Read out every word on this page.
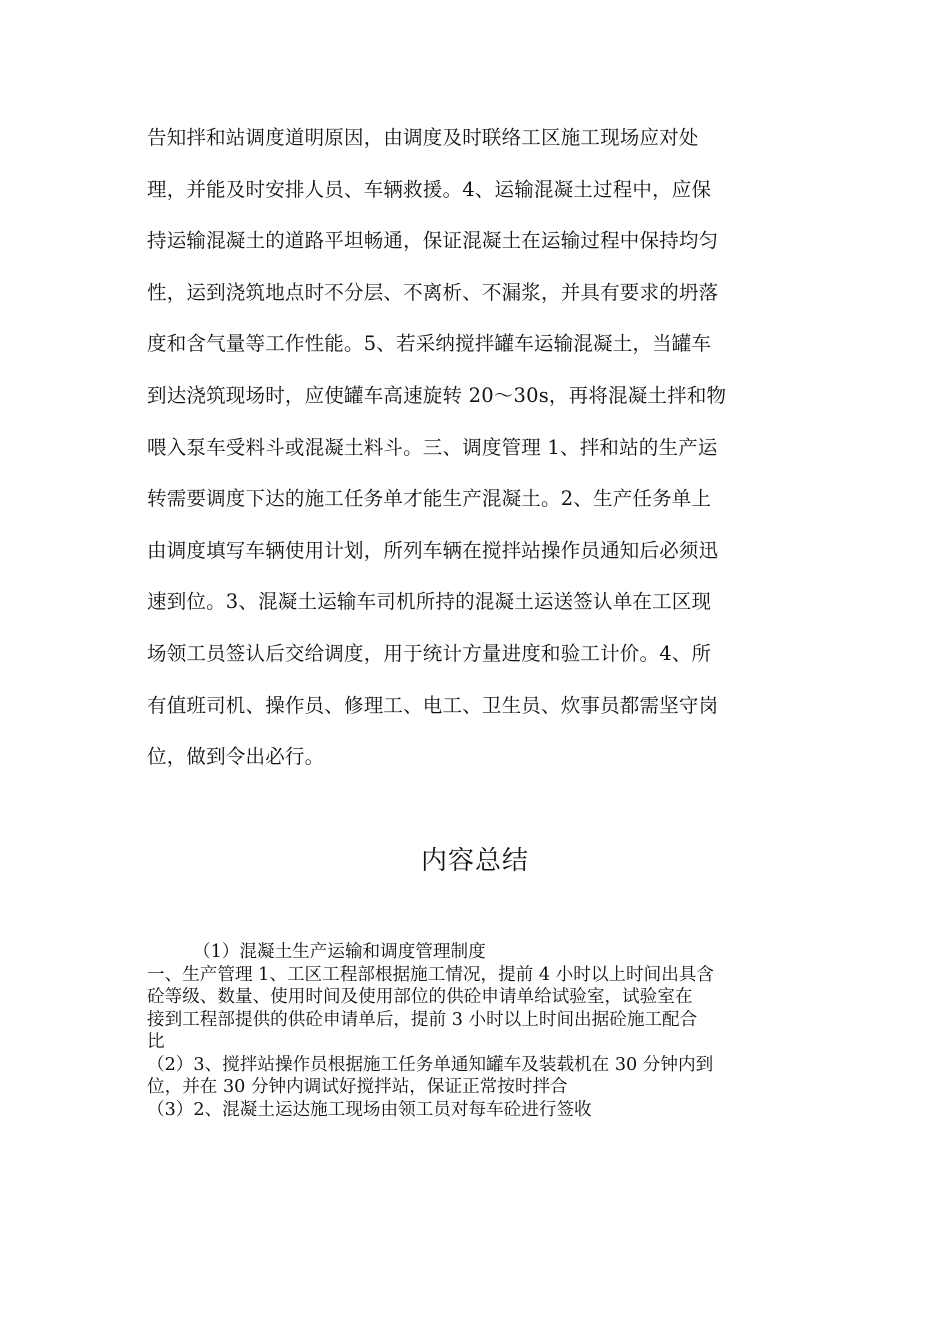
告知拌和站调度道明原因，由调度及时联络工区施工现场应对处
理，并能及时安排人员、车辆救援。4、运输混凝土过程中，应保
持运输混凝土的道路平坦畅通，保证混凝土在运输过程中保持均匀
性，运到浇筑地点时不分层、不离析、不漏浆，并具有要求的坍落
度和含气量等工作性能。5、若采纳搅拌罐车运输混凝土，当罐车
到达浇筑现场时，应使罐车高速旋转 20～30s，再将混凝土拌和物
喂入泵车受料斗或混凝土料斗。三、调度管理 1、拌和站的生产运
转需要调度下达的施工任务单才能生产混凝土。2、生产任务单上
由调度填写车辆使用计划，所列车辆在搅拌站操作员通知后必须迅
速到位。3、混凝土运输车司机所持的混凝土运送签认单在工区现
场领工员签认后交给调度，用于统计方量进度和验工计价。4、所
有值班司机、操作员、修理工、电工、卫生员、炊事员都需坚守岗
位，做到令出必行。
内容总结
（1）混凝土生产运输和调度管理制度
一、生产管理 1、工区工程部根据施工情况，提前 4 小时以上时间出具含
砼等级、数量、使用时间及使用部位的供砼申请单给试验室，试验室在
接到工程部提供的供砼申请单后，提前 3 小时以上时间出据砼施工配合
比
（2）3、搅拌站操作员根据施工任务单通知罐车及装载机在 30 分钟内到
位，并在 30 分钟内调试好搅拌站，保证正常按时拌合
（3）2、混凝土运达施工现场由领工员对每车砼进行签收
